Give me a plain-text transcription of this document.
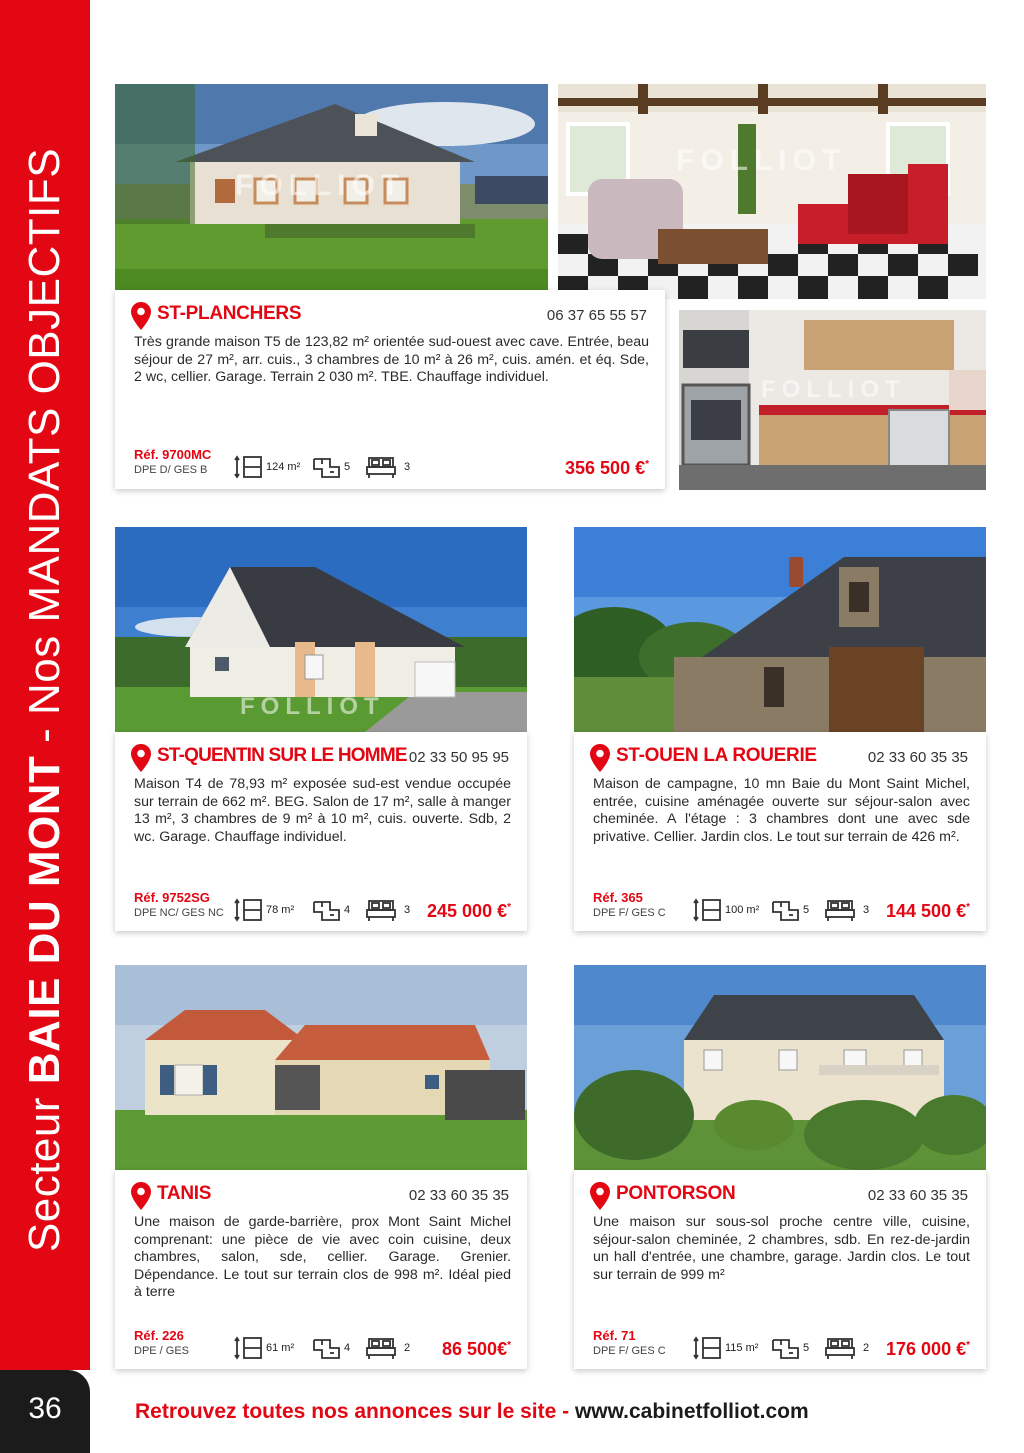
Secteur BAIE DU MONT - Nos MANDATS OBJECTIFS
36
FOLLIOT
FOLLIOT
FOLLIOT
ST-PLANCHERS	06 37 65 55 57
Très grande maison T5 de 123,82 m² orientée sud-ouest avec cave. Entrée, beau séjour de 27 m², arr. cuis., 3 chambres de 10 m² à 26 m², cuis. amén. et éq. Sde, 2 wc, cellier. Garage. Terrain 2 030 m². TBE. Chauffage individuel.
Réf. 9700MC
DPE D/ GES B	124 m²	5	3	356 500 €*
FOLLIOT
ST-QUENTIN SUR LE HOMME 02 33 50 95 95
Maison T4 de 78,93 m² exposée sud-est vendue occupée sur terrain de 662 m². BEG. Salon de 17 m², salle à manger 13 m², 3 chambres de 9 m² à 10 m², cuis. ouverte. Sdb, 2 wc. Garage. Chauffage individuel.
Réf. 9752SG
DPE NC/ GES NC	78 m²	4	3 245 000 €*
ST-OUEN LA ROUERIE	02 33 60 35 35
Maison de campagne, 10 mn Baie du Mont Saint Michel, entrée, cuisine aménagée ouverte sur séjour-salon avec cheminée. A l'étage : 3 chambres dont une avec sde privative. Cellier. Jardin clos. Le tout sur terrain de 426 m².
Réf. 365
DPE F/ GES C	100 m²	5	3 144 500 €*
TANIS	02 33 60 35 35
Une maison de garde-barrière, prox Mont Saint Michel comprenant: une pièce de vie avec coin cuisine, deux chambres, salon, sde, cellier. Garage. Grenier. Dépendance. Le tout sur terrain clos de 998 m². Idéal pied à terre
Réf. 226
DPE / GES	61 m²	4	2 86 500€*
PONTORSON	02 33 60 35 35
Une maison sur sous-sol proche centre ville, cuisine, séjour-salon cheminée, 2 chambres, sdb. En rez-de-jardin un hall d'entrée, une chambre, garage. Jardin clos. Le tout sur terrain de 999 m²
Réf. 71
DPE F/ GES C	115 m²	5	2 176 000 €*
Retrouvez toutes nos annonces sur le site - www.cabinetfolliot.com
